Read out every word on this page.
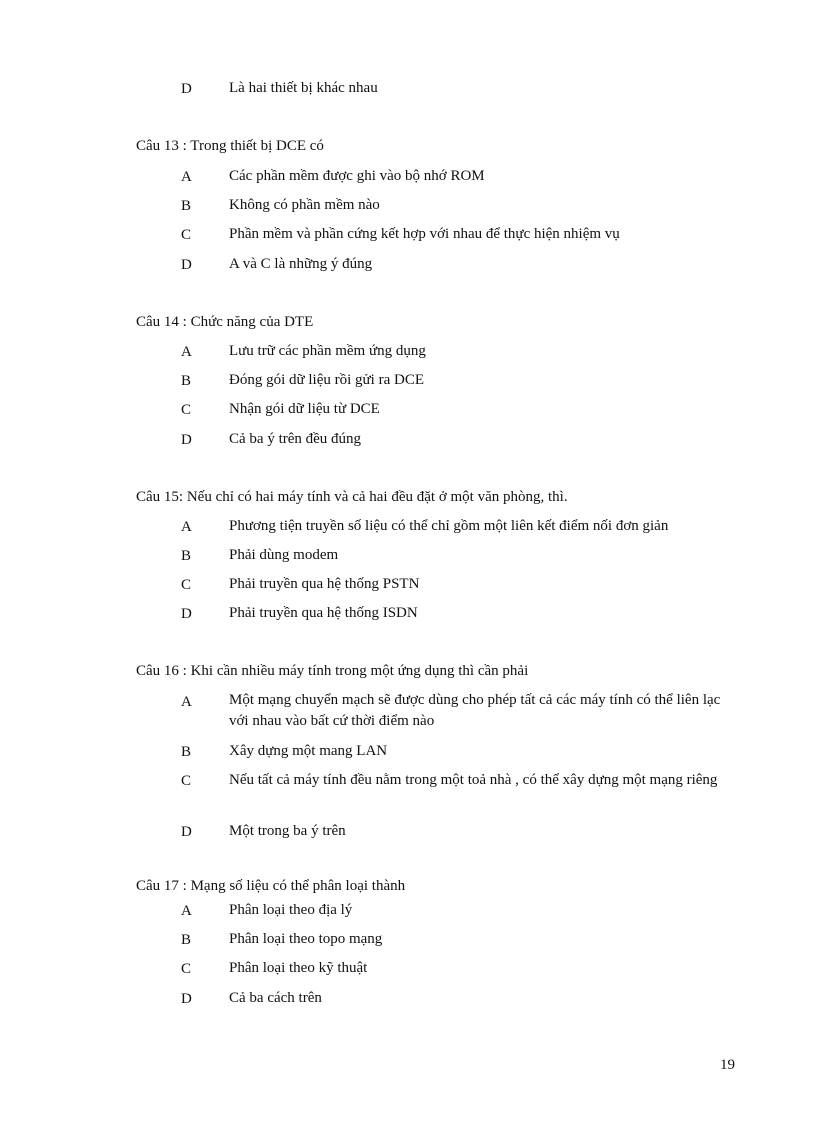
D Là hai thiết bị khác nhau
Câu 13 : Trong thiết bị DCE có
A Các phần mềm được ghi vào bộ nhớ ROM
B	Không có phần mềm nào
C	Phần mềm và phần cứng kết hợp với nhau để thực hiện nhiệm vụ
D A và C là những ý đúng
Câu 14 : Chức năng của DTE
A Lưu trữ các phần mềm ứng dụng
B	Đóng gói dữ liệu rồi gửi ra DCE
C	Nhận gói dữ liệu từ DCE
D Cả ba ý trên đều đúng
Câu 15: Nếu chỉ có hai máy tính và cả hai đều đặt ở một văn phòng, thì.
A Phương tiện truyền số liệu có thể chỉ gồm một liên kết điểm nối đơn giản
B	Phải dùng modem
C	Phải truyền qua hệ thống PSTN
D Phải truyền qua hệ thống ISDN
Câu 16 : Khi cần nhiều máy tính trong một ứng dụng thì cần phải
A Một mạng chuyển mạch sẽ được dùng cho phép tất cả các máy tính có thể liên lạc với nhau vào bất cứ thời điểm nào
B	Xây dựng một mang LAN
C	Nếu tất cả máy tính đều nằm trong một toả nhà , có thể xây dựng một mạng riêng
D Một trong ba ý trên
Câu 17 : Mạng số liệu có thể phân loại thành
A Phân loại theo địa lý
B	Phân loại theo topo mạng
C	Phân loại theo kỹ thuật
D Cả ba cách trên
19
